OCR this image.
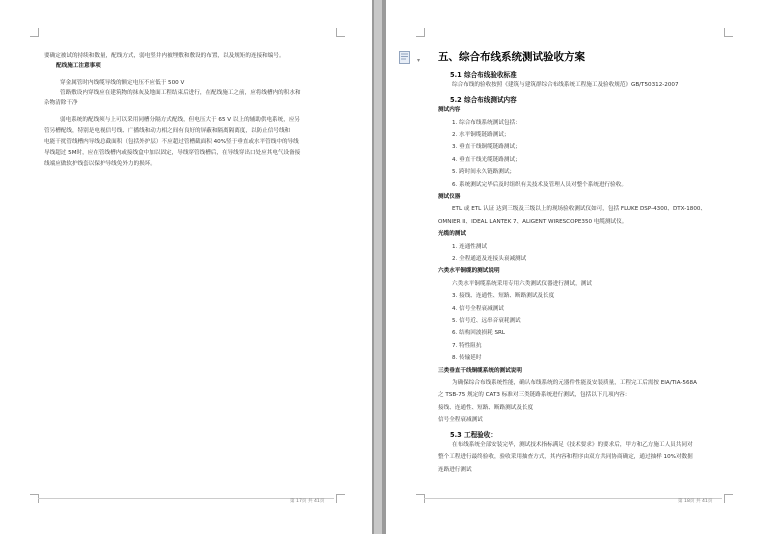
要确定被试的持续和数量，配线方式，弱电竖井内被埋敷和敷设的布置，以及规矩的连接和编号。
配线施工注意事项
穿金属管时内线缆导线的额定电压不应低于 500 V
管路敷设内穿线应在建筑物的抹灰及地面工程结束后进行，在配线施工之前，应将线槽内的积水和
杂物清除干净
弱电系统的配线须与上可以采用同槽分隔方式配线，但电压大于 65 V 以上的辅助供电系统，应另
管另槽配线，特别是电视信号线、广播线和动力相之间有良好的屏蔽和隔离隔离度，以防止信号线和
电能干扰管线槽内导线总截面积（包括外护层）不应超过管槽截面积 40%竖于垂直或水平管线中的导线
导线超过 5M时，应在管线槽内或接线盒中加以固定，导线穿管线槽后，在导线穿出口处应其电气设备接
线端应做软护线套以保护导线免外力的损坏。
第 17页 共 41页
五、综合布线系统测试验收方案
5.1 综合布线验收标准
综合布线的验收按照《建筑与建筑群综合布线系统工程施工及验收规范》GB/T50312-2007
5.2 综合布线测试内容
测试内容
1. 综合布线系统测试包括：
2. 水平铜缆链路测试；
3. 垂直干线铜缆链路测试；
4. 垂直干线光缆链路测试；
5. 跨时间永久链路测试；
6. 系统测试完毕后及时组织有关技术及管理人员对整个系统进行验收。
测试仪器
ETL 或 ETL 认证 达到三级及三级以上的现场验收测试仪如可，包括 FLUKE DSP-4300、DTX-1800、
OMNIER II、IDEAL LANTEK 7、ALIGENT WIRESCOPE350 电缆测试仪。
光缆的测试
1. 连通性测试
2. 全程通道及连接头衰减测试
六类水平铜缆的测试说明
六类水平铜缆系统采用专用六类测试仪器进行测试，测试
3. 接线、连通性、短路、断路测试及长度
4. 信号全程衰减测试
5. 信号近、远串音衰耗测试
6. 结构回波损耗 SRL
7. 特性阻抗
8. 传输延时
三类垂直干线铜缆系统的测试说明
为确保综合布线系统性能，确认布线系统的元器件性能及安装质量，工程完工后需按 EIA/TIA-568A
之 TSB-75 规定的 CAT3 标准对三类链路系统进行测试，包括以下几项内容：
接线、连通性、短路、断路测试及长度
信号全程衰减测试
5.3 工程验收：
在布线系统全部安装完毕，测试技术指标满足《技术要求》的要求后，甲方和乙方施工人员共同对
整个工程进行最终验收，验收采用抽查方式，其内容和程序由双方共同协商确定，通过抽样 10%对数据
连路进行测试
第 18页 共 41页
▾
